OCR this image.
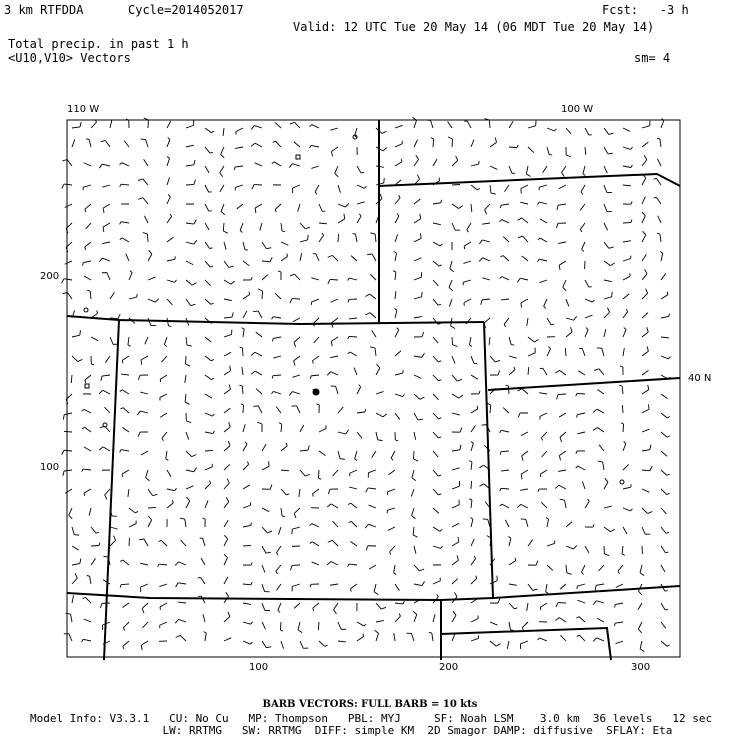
3 km RTFDDA	Cycle=2014052017	Fcst:   -3 h
Valid: 12 UTC Tue 20 May 14 (06 MDT Tue 20 May 14)
Total precip. in past 1 h
<U10,V10> Vectors	sm= 4
110 W	100 W
40 N
200
100
100	200	300
BARB VECTORS: FULL BARB = 10 kts
Model Info: V3.3.1   CU: No Cu   MP: Thompson   PBL: MYJ     SF: Noah LSM    3.0 km  36 levels   12 sec
LW: RRTMG   SW: RRTMG  DIFF: simple KM  2D Smagor DAMP: diffusive  SFLAY: Eta
